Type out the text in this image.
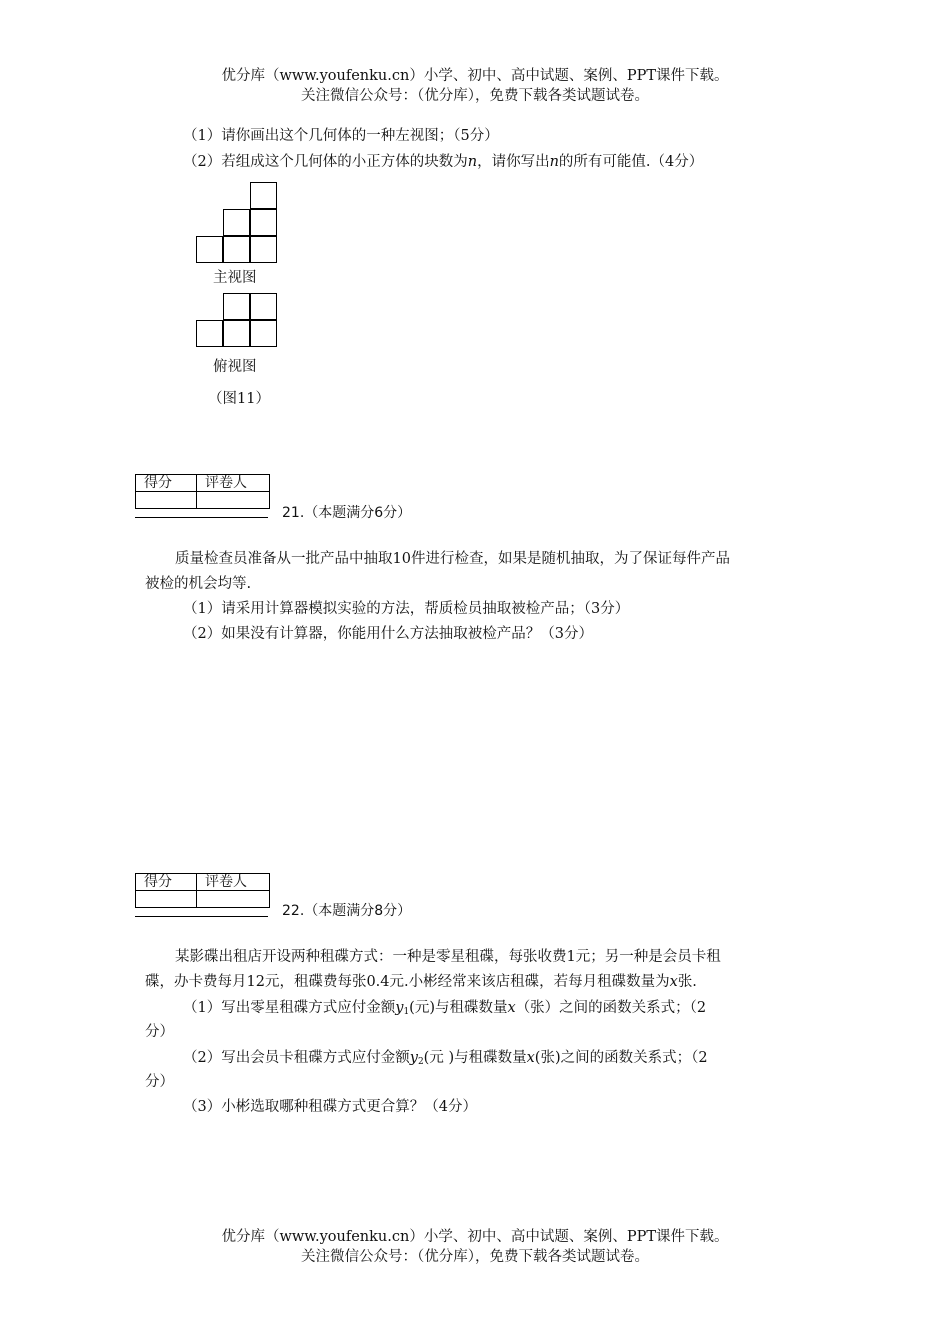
优分库（www.youfenku.cn）小学、初中、高中试题、案例、PPT课件下载。
关注微信公众号：（优分库），免费下载各类试题试卷。
（1）请你画出这个几何体的一种左视图；（5分）
（2）若组成这个几何体的小正方体的块数为n，请你写出n的所有可能值.（4分）
主视图
俯视图
（图11）
得分	评卷人

21.（本题满分6分）
质量检查员准备从一批产品中抽取10件进行检查，如果是随机抽取，为了保证每件产品
被检的机会均等.
（1）请采用计算器模拟实验的方法，帮质检员抽取被检产品；（3分）
（2）如果没有计算器，你能用什么方法抽取被检产品？（3分）
得分	评卷人

22.（本题满分8分）
某影碟出租店开设两种租碟方式：一种是零星租碟，每张收费1元；另一种是会员卡租
碟，办卡费每月12元，租碟费每张0.4元.小彬经常来该店租碟，若每月租碟数量为x张.
（1）写出零星租碟方式应付金额$y_1$(元)与租碟数量x（张）之间的函数关系式；（2
分）
（2）写出会员卡租碟方式应付金额$y_2$(元 )与租碟数量x(张)之间的函数关系式；（2
分）
（3）小彬选取哪种租碟方式更合算？（4分）
优分库（www.youfenku.cn）小学、初中、高中试题、案例、PPT课件下载。
关注微信公众号：（优分库），免费下载各类试题试卷。
